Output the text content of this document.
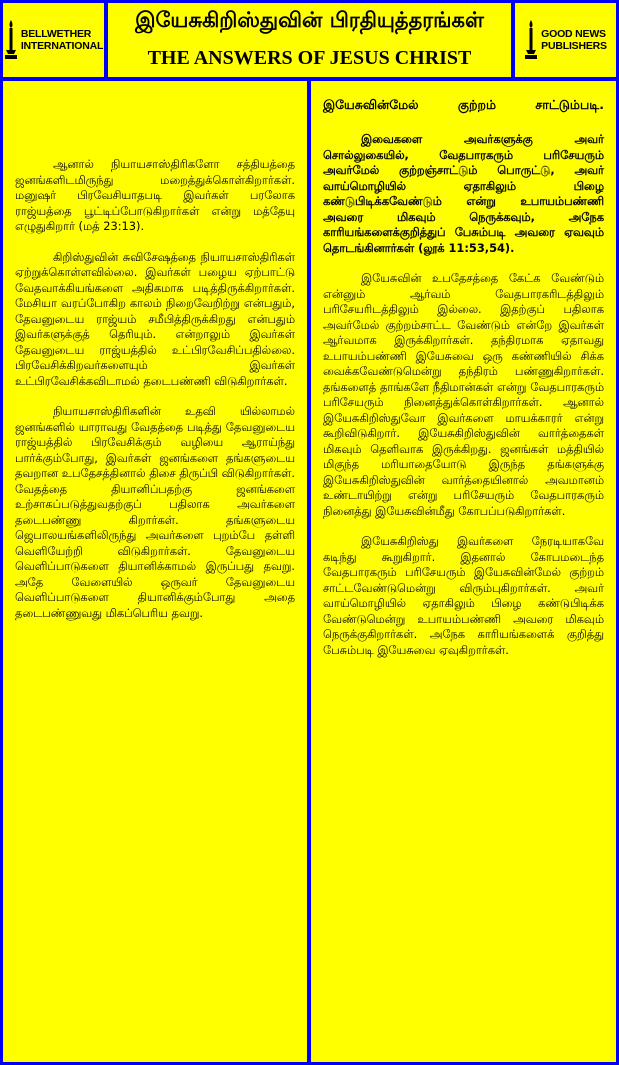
BELLWETHER
INTERNATIONAL
இயேசுகிறிஸ்துவின் பிரதியுத்தரங்கள்
THE ANSWERS OF JESUS CHRIST
GOOD NEWS
PUBLISHERS

ஆனால் நியாயசாஸ்திரிகளோ சத்தியத்தை ஜனங்களிடமிருந்து மறைத்துக்கொள்கிறார்கள். மனுஷர் பிரவேசியாதபடி இவர்கள் பரலோக ராஜ்யத்தை பூட்டிப்போடுகிறார்கள் என்று மத்தேயு எழுதுகிறார் (மத் 23:13).

கிறிஸ்துவின் சுவிசேஷத்தை நியாயசாஸ்திரிகள் ஏற்றுக்கொள்ளவில்லை. இவர்கள் பழைய ஏற்பாட்டு வேதவாக்கியங்களை அதிகமாக படித்திருக்கிறார்கள். மேசியா வரப்போகிற காலம் நிறைவேறிற்று என்பதும், தேவனுடைய ராஜ்யம் சமீபித்திருக்கிறது என்பதும் இவர்களுக்குத் தெரியும். என்றாலும் இவர்கள் தேவனுடைய ராஜ்யத்தில் உட்பிரவேசிப்பதில்லை. பிரவேசிக்கிறவர்களையும் இவர்கள் உட்பிரவேசிக்கவிடாமல் தடைபண்ணி விடுகிறார்கள்.

நியாயசாஸ்திரிகளின் உதவி யில்லாமல் ஜனங்களில் யாராவது வேதத்தை படித்து தேவனுடைய ராஜ்யத்தில் பிரவேசிக்கும் வழியை ஆராய்ந்து பார்க்கும்போது, இவர்கள் ஜனங்களை தங்களுடைய தவறான உபதேசத்தினால் திசை திருப்பி விடுகிறார்கள். வேதத்தை தியானிப்பதற்கு ஜனங்களை உற்சாகப்படுத்துவதற்குப் பதிலாக அவர்களை தடைபண்ணு கிறார்கள். தங்களுடைய ஜெபாலயங்களிலிருந்து அவர்களை புறம்பே தள்ளி வெளியேற்றி விடுகிறார்கள். தேவனுடைய வெளிப்பாடுகளை தியானிக்காமல் இருப்பது தவறு. அதே வேளையில் ஒருவர் தேவனுடைய வெளிப்பாடுகளை தியானிக்கும்போது அதை தடைபண்ணுவது மிகப்பெரிய தவறு.

இயேசுவின்மேல் குற்றம் சாட்டும்படி.

இவைகளை அவர்களுக்கு அவர் சொல்லுகையில், வேதபாரகரும் பரிசேயரும் அவர்மேல் குற்றஞ்சாட்டும் பொருட்டு, அவர் வாய்மொழியில் ஏதாகிலும் பிழை கண்டுபிடிக்கவேண்டும் என்று உபாயம்பண்ணி அவரை மிகவும் நெருக்கவும், அநேக காரியங்களைக்குறித்துப் பேசும்படி அவரை ஏவவும் தொடங்கினார்கள் (லூக் 11:53,54).

இயேசுவின் உபதேசத்தை கேட்க வேண்டும் என்னும் ஆர்வம் வேதபாரகரிடத்திலும் பரிசேயரிடத்திலும் இல்லை. இதற்குப் பதிலாக அவர்மேல் குற்றம்சாட்ட வேண்டும் என்றே இவர்கள் ஆர்வமாக இருக்கிறார்கள். தந்திரமாக ஏதாவது உபாயம்பண்ணி இயேசுவை ஒரு கண்ணியில் சிக்க வைக்கவேண்டுமென்று தந்திரம் பண்ணுகிறார்கள். தங்களைத் தாங்களே நீதிமான்கள் என்று வேதபாரகரும் பரிசேயரும் நினைத்துக்கொள்கிறார்கள். ஆனால் இயேசுகிறிஸ்துவோ இவர்களை மாயக்காரர் என்று கூறிவிடுகிறார். இயேசுகிறிஸ்துவின் வார்த்தைகள் மிகவும் தெளிவாக இருக்கிறது. ஜனங்கள் மத்தியில் மிகுந்த மரியாதையோடு இருந்த தங்களுக்கு இயேசுகிறிஸ்துவின் வார்த்தையினால் அவமானம் உண்டாயிற்று என்று பரிசேயரும் வேதபாரகரும் நினைத்து இயேசுவின்மீது கோபப்படுகிறார்கள்.

இயேசுகிறிஸ்து இவர்களை நேரடியாகவே கடிந்து கூறுகிறார். இதனால் கோபமடைந்த வேதபாரகரும் பரிசேயரும் இயேசுவின்மேல் குற்றம் சாட்டவேண்டுமென்று விரும்புகிறார்கள். அவர் வாய்மொழியில் ஏதாகிலும் பிழை கண்டுபிடிக்க வேண்டுமென்று உபாயம்பண்ணி அவரை மிகவும் நெருக்குகிறார்கள். அநேக காரியங்களைக் குறித்து பேசும்படி இயேசுவை ஏவுகிறார்கள்.
